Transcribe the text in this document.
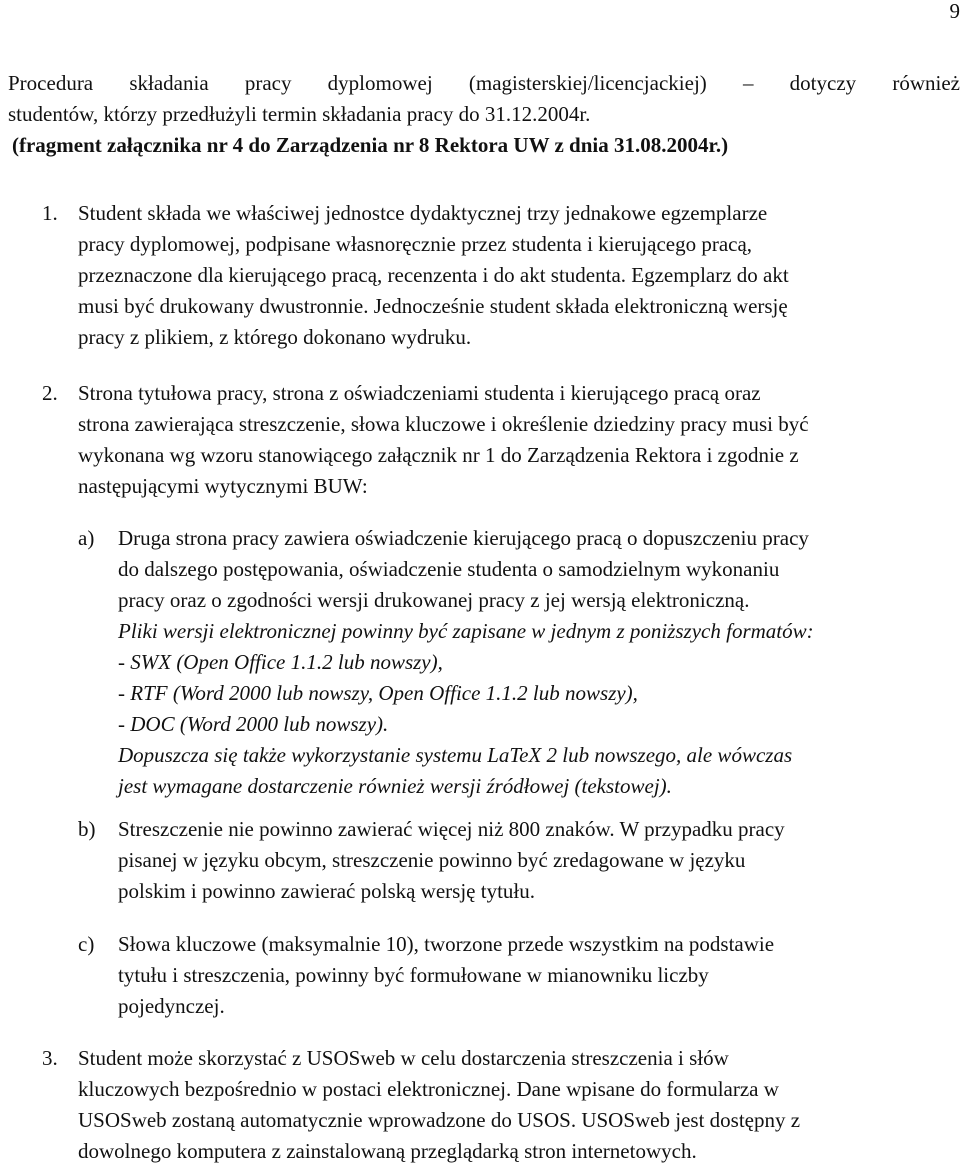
9
Procedura składania pracy dyplomowej (magisterskiej/licencjackiej) – dotyczy również
studentów, którzy przedłużyli termin składania pracy do 31.12.2004r.
(fragment załącznika nr 4 do Zarządzenia nr 8 Rektora UW z dnia 31.08.2004r.)
1. Student składa we właściwej jednostce dydaktycznej trzy jednakowe egzemplarze
pracy dyplomowej, podpisane własnoręcznie przez studenta i kierującego pracą,
przeznaczone dla kierującego pracą, recenzenta i do akt studenta. Egzemplarz do akt
musi być drukowany dwustronnie. Jednocześnie student składa elektroniczną wersję
pracy z plikiem, z którego dokonano wydruku.
2. Strona tytułowa pracy, strona z oświadczeniami studenta i kierującego pracą oraz
strona zawierająca streszczenie, słowa kluczowe i określenie dziedziny pracy musi być
wykonana wg wzoru stanowiącego załącznik nr 1 do Zarządzenia Rektora i zgodnie z
następującymi wytycznymi BUW:
a) Druga strona pracy zawiera oświadczenie kierującego pracą o dopuszczeniu pracy
do dalszego postępowania, oświadczenie studenta o samodzielnym wykonaniu
pracy oraz o zgodności wersji drukowanej pracy z jej wersją elektroniczną.
Pliki wersji elektronicznej powinny być zapisane w jednym z poniższych formatów:
- SWX (Open Office 1.1.2 lub nowszy),
- RTF (Word 2000 lub nowszy, Open Office 1.1.2 lub nowszy),
- DOC (Word 2000 lub nowszy).
Dopuszcza się także wykorzystanie systemu LaTeX 2 lub nowszego, ale wówczas
jest wymagane dostarczenie również wersji źródłowej (tekstowej).
b) Streszczenie nie powinno zawierać więcej niż 800 znaków. W przypadku pracy
pisanej w języku obcym, streszczenie powinno być zredagowane w języku
polskim i powinno zawierać polską wersję tytułu.
c) Słowa kluczowe (maksymalnie 10), tworzone przede wszystkim na podstawie
tytułu i streszczenia, powinny być formułowane w mianowniku liczby
pojedynczej.
3. Student może skorzystać z USOSweb w celu dostarczenia streszczenia i słów
kluczowych bezpośrednio w postaci elektronicznej. Dane wpisane do formularza w
USOSweb zostaną automatycznie wprowadzone do USOS. USOSweb jest dostępny z
dowolnego komputera z zainstalowaną przeglądarką stron internetowych.
